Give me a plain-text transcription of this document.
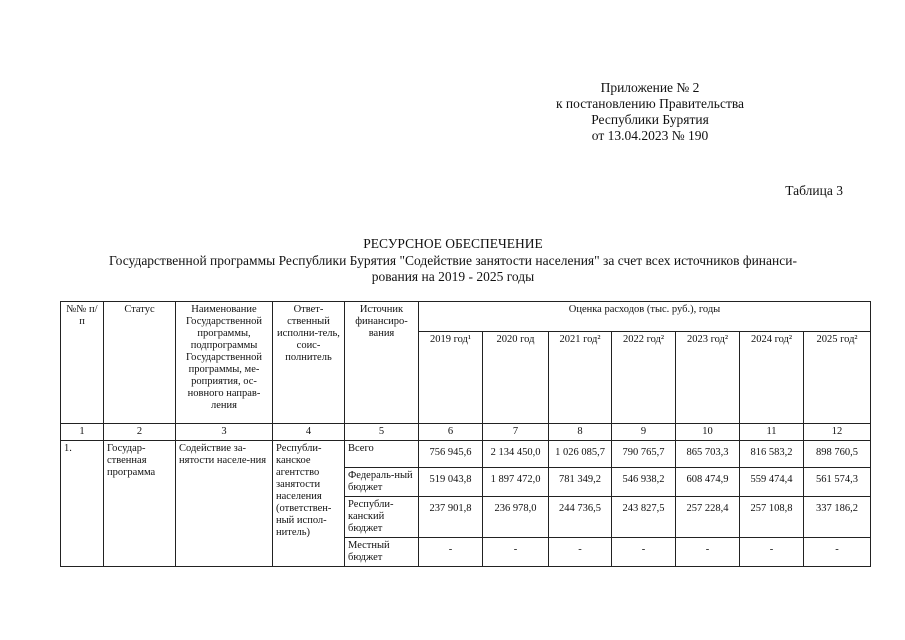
Приложение № 2
к постановлению Правительства
Республики Бурятия
от 13.04.2023 № 190
Таблица 3
РЕСУРСНОЕ ОБЕСПЕЧЕНИЕ
Государственной программы Республики Бурятия "Содействие занятости населения" за счет всех источников финанси-
рования на 2019 - 2025 годы
№№ п/п	Статус	Наименование Государственной программы, подпрограммы Государственной программы, ме-роприятия, ос-новного направ-ления	Ответ-ственный исполни-тель, соис-полнитель	Источник финансиро-вания	Оценка расходов (тыс. руб.), годы						
					2019 год¹	2020 год	2021 год²	2022 год²	2023 год²	2024 год²	2025 год²
1	2	3	4	5	6	7	8	9	10	11	12
1.	Государ-ственная программа	Содействие за-нятости населе-ния	Республи-канское агентство занятости населения (ответствен-ный испол-нитель)	Всего	756 945,6	2 134 450,0	1 026 085,7	790 765,7	865 703,3	816 583,2	898 760,5
				Федераль-ный бюджет	519 043,8	1 897 472,0	781 349,2	546 938,2	608 474,9	559 474,4	561 574,3
				Республи-канский бюджет	237 901,8	236 978,0	244 736,5	243 827,5	257 228,4	257 108,8	337 186,2
				Местный бюджет	-	-	-	-	-	-	-
